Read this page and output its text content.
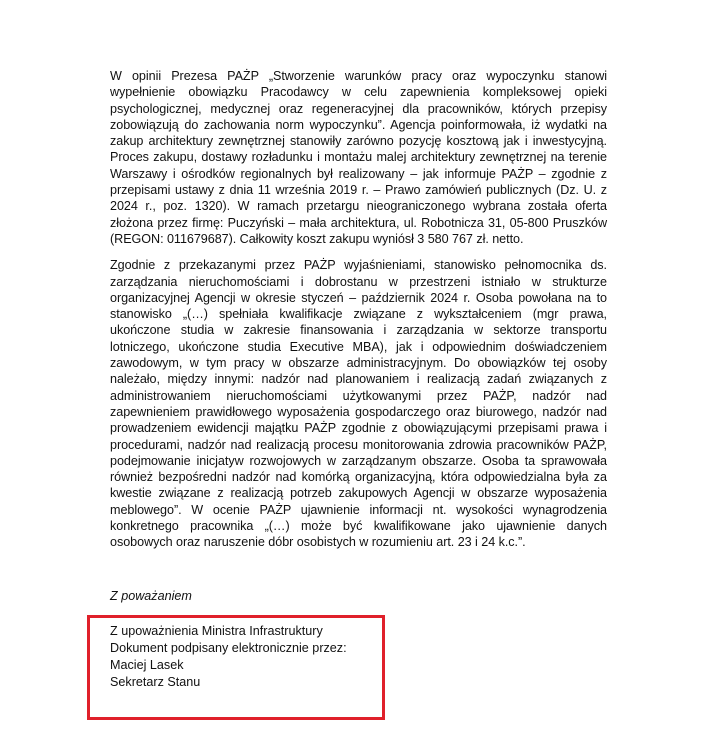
W opinii Prezesa PAŻP „Stworzenie warunków pracy oraz wypoczynku stanowi wypełnienie obowiązku Pracodawcy w celu zapewnienia kompleksowej opieki psychologicznej, medycznej oraz regeneracyjnej dla pracowników, których przepisy zobowiązują do zachowania norm wypoczynku”. Agencja poinformowała, iż wydatki na zakup architektury zewnętrznej stanowiły zarówno pozycję kosztową jak i inwestycyjną. Proces zakupu, dostawy rozładunku i montażu malej architektury zewnętrznej na terenie Warszawy i ośrodków regionalnych był realizowany – jak informuje PAŻP – zgodnie z przepisami ustawy z dnia 11 września 2019 r. – Prawo zamówień publicznych (Dz. U. z 2024 r., poz. 1320). W ramach przetargu nieograniczonego wybrana została oferta złożona przez firmę: Puczyński – mała architektura, ul. Robotnicza 31, 05-800 Pruszków (REGON: 011679687). Całkowity koszt zakupu wyniósł 3 580 767 zł. netto.

Zgodnie z przekazanymi przez PAŻP wyjaśnieniami, stanowisko pełnomocnika ds. zarządzania nieruchomościami i dobrostanu w przestrzeni istniało w strukturze organizacyjnej Agencji w okresie styczeń – październik 2024 r. Osoba powołana na to stanowisko „(…) spełniała kwalifikacje związane z wykształceniem (mgr prawa, ukończone studia w zakresie finansowania i zarządzania w sektorze transportu lotniczego, ukończone studia Executive MBA), jak i odpowiednim doświadczeniem zawodowym, w tym pracy w obszarze administracyjnym. Do obowiązków tej osoby należało, między innymi: nadzór nad planowaniem i realizacją zadań związanych z administrowaniem nieruchomościami użytkowanymi przez PAŻP, nadzór nad zapewnieniem prawidłowego wyposażenia gospodarczego oraz biurowego, nadzór nad prowadzeniem ewidencji majątku PAŻP zgodnie z obowiązującymi przepisami prawa i procedurami, nadzór nad realizacją procesu monitorowania zdrowia pracowników PAŻP, podejmowanie inicjatyw rozwojowych w zarządzanym obszarze. Osoba ta sprawowała również bezpośredni nadzór nad komórką organizacyjną, która odpowiedzialna była za kwestie związane z realizacją potrzeb zakupowych Agencji w obszarze wyposażenia meblowego”. W ocenie PAŻP ujawnienie informacji nt. wysokości wynagrodzenia konkretnego pracownika „(…) może być kwalifikowane jako ujawnienie danych osobowych oraz naruszenie dóbr osobistych w rozumieniu art. 23 i 24 k.c.”.

Z poważaniem
Z upoważnienia Ministra Infrastruktury
Dokument podpisany elektronicznie przez:
Maciej Lasek
Sekretarz Stanu
